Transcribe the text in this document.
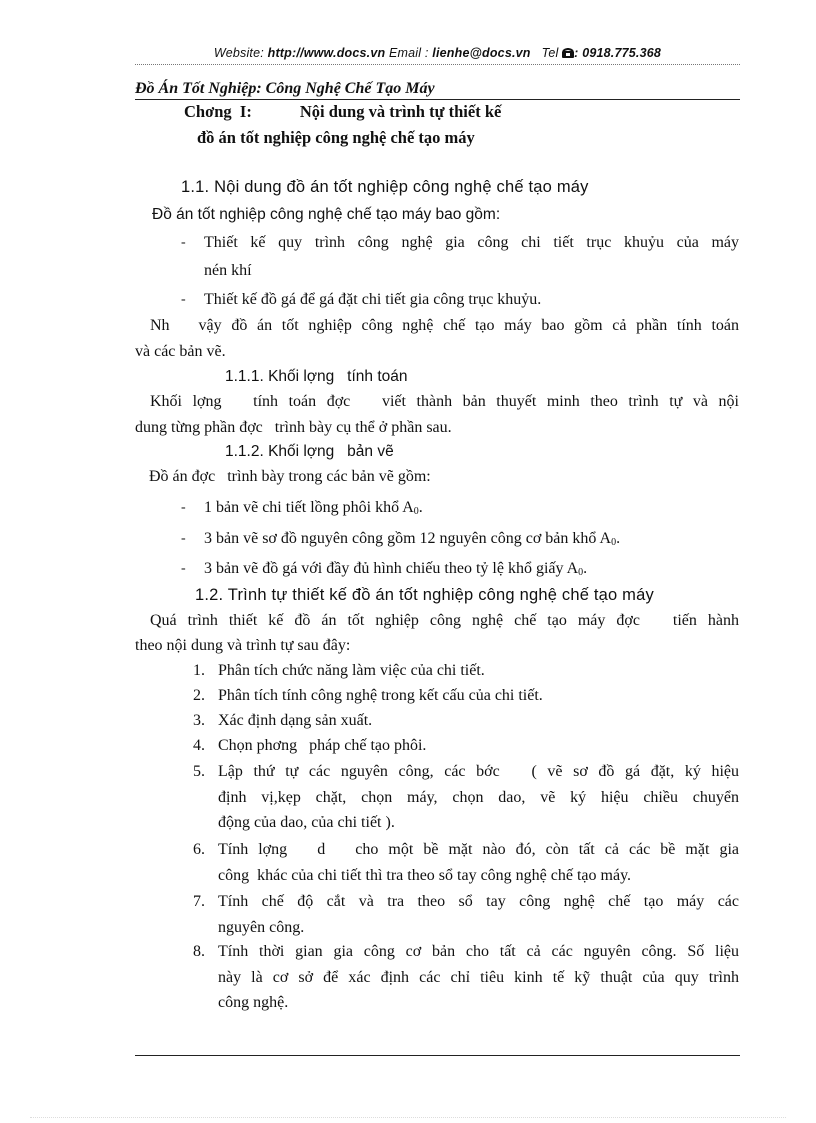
Website: http://www.docs.vn Email : lienhe@docs.vn   Tel : 0918.775.368
Đồ Án Tốt Nghiệp: Công Nghệ Chế Tạo Máy
Chơng  I:	Nội dung và trình tự thiết kế
đồ án tốt nghiệp công nghệ chế tạo máy
1.1. Nội dung đồ án tốt nghiệp công nghệ chế tạo máy
Đồ án tốt nghiệp công nghệ chế tạo máy bao gồm:
- Thiết kế quy trình công nghệ gia công chi tiết trục khuỷu của máy
nén khí
- Thiết kế đồ gá để gá đặt chi tiết gia công trục khuỷu.
Nh   vậy đồ án tốt nghiệp công nghệ chế tạo máy bao gồm cả phần tính toán
và các bản vẽ.
1.1.1. Khối lợng   tính toán
Khối lợng   tính toán đợc   viết thành bản thuyết minh theo trình tự và nội
dung từng phần đợc   trình bày cụ thể ở phần sau.
1.1.2. Khối lợng   bản vẽ
Đồ án đợc   trình bày trong các bản vẽ gồm:
- 1 bản vẽ chi tiết lồng phôi khổ $A_0$.
- 3 bản vẽ sơ đồ nguyên công gồm 12 nguyên công cơ bản khổ $A_0$.
- 3 bản vẽ đồ gá với đầy đủ hình chiếu theo tỷ lệ khổ giấy $A_0$.
1.2. Trình tự thiết kế đồ án tốt nghiệp công nghệ chế tạo máy
Quá trình thiết kế đồ án tốt nghiệp công nghệ chế tạo máy đợc   tiến hành
theo nội dung và trình tự sau đây:
1. Phân tích chức năng làm việc của chi tiết.
2. Phân tích tính công nghệ trong kết cấu của chi tiết.
3. Xác định dạng sản xuất.
4. Chọn phơng   pháp chế tạo phôi.
5. Lập thứ tự các nguyên công, các bớc   ( vẽ sơ đồ gá đặt, ký hiệu
định vị,kẹp chặt, chọn máy, chọn dao, vẽ ký hiệu chiều chuyển
động của dao, của chi tiết ).
6. Tính lợng   d   cho một bề mặt nào đó, còn tất cả các bề mặt gia
công  khác của chi tiết thì tra theo sổ tay công nghệ chế tạo máy.
7. Tính chế độ cắt và tra theo sổ tay công nghệ chế tạo máy các
nguyên công.
8. Tính thời gian gia công cơ bản cho tất cả các nguyên công. Số liệu
này là cơ sở để xác định các chỉ tiêu kinh tế kỹ thuật của quy trình
công nghệ.
